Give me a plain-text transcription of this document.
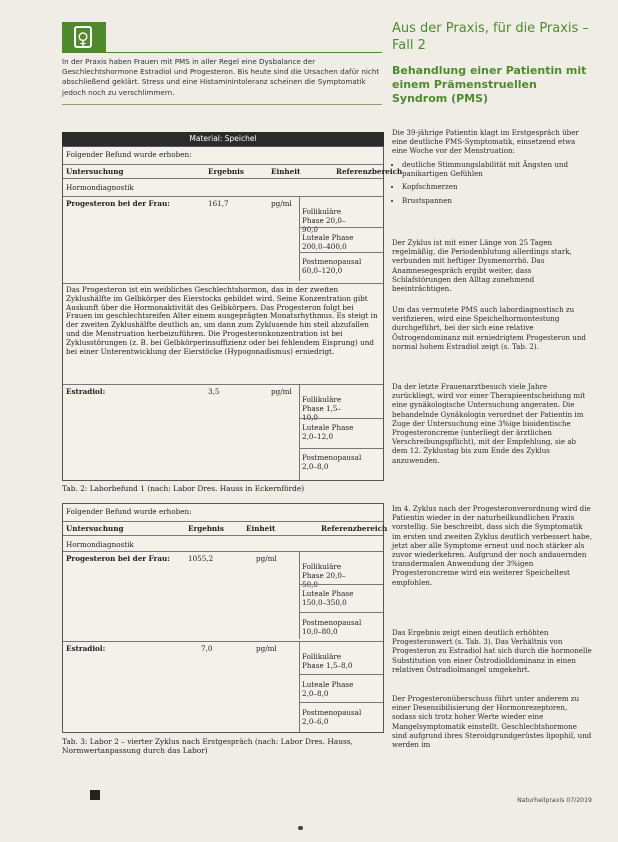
♀
In der Praxis haben Frauen mit PMS in aller Regel eine Dysbalance der Geschlechtshormone Estradiol und Progesteron. Bis heute sind die Ursachen dafür nicht abschließend geklärt. Stress und eine Histaminintoleranz scheinen die Symptomatik jedoch noch zu verschlimmern.
Material: Speichel
Folgender Befund wurde erhoben:
Untersuchung	Ergebnis	Einheit	Referenzbereich
Hormondiagnostik
Progesteron bei der Frau:	161,7	pg/ml
Follikuläre Phase 20,0–90,0
Luteale Phase 200,0–400,0
Postmenopausal 60,0–120,0
Das Progesteron ist ein weibliches Geschlechtshormon, das in der zweiten Zyklushälfte im Gelbkörper des Eierstocks gebildet wird. Seine Konzentration gibt Auskunft über die Hormonaktivität des Gelbkörpers. Das Progesteron folgt bei Frauen im geschlechtsreifen Alter einem ausgeprägten Monatsrhythmus. Es steigt in der zweiten Zyklushälfte deutlich an, um dann zum Zyklusende hin steil abzufallen und die Menstruation herbeizuführen. Die Progesteronkonzentration ist bei Zyklusstörungen (z. B. bei Gelbkörperinsuffizienz oder bei fehlendem Eisprung) und bei einer Unterentwicklung der Eierstöcke (Hypogonadismus) erniedrigt.
Estradiol:	3,5	pg/ml
Follikuläre Phase 1,5–10,0
Luteale Phase 2,0–12,0
Postmenopausal 2,0–8,0
Tab. 2: Laborbefund 1 (nach: Labor Dres. Hauss in Eckernförde)
Folgender Befund wurde erhoben:
Untersuchung	Ergebnis	Einheit	Referenzbereich
Hormondiagnostik
Progesteron bei der Frau:	1055,2	pg/ml
Follikuläre Phase 20,0–50,0
Luteale Phase 150,0–350,0
Postmenopausal 10,0–80,0
Estradiol:	7,0	pg/ml
Follikuläre Phase 1,5–8,0
Luteale Phase 2,0–8,0
Postmenopausal 2,0–6,0
Tab. 3: Labor 2 – vierter Zyklus nach Erstgespräch (nach: Labor Dres. Hauss, Normwertanpassung durch das Labor)
Aus der Praxis, für die Praxis – Fall 2
Behandlung einer Patientin mit einem Prämenstruellen Syndrom (PMS)
Die 39-jährige Patientin klagt im Erstgespräch über eine deutliche PMS-Symptomatik, einsetzend etwa eine Woche vor der Menstruation:
• deutliche Stimmungslabilität mit Ängsten und panikartigen Gefühlen
• Kopfschmerzen
• Brustspannen
Der Zyklus ist mit einer Länge von 25 Tagen regelmäßig, die Periodenblutung allerdings stark, verbunden mit heftiger Dysmenorrhö. Das Anamnesegespräch ergibt weiter, dass Schlafstörungen den Alltag zunehmend beeinträchtigen.
Um das vermutete PMS auch labordiagnostisch zu verifizieren, wird eine Speichelhormontestung durchgeführt, bei der sich eine relative Östrogendominanz mit erniedrigtem Progesteron und normal hohem Estradiol zeigt (s. Tab. 2).
Da der letzte Frauenarztbesuch viele Jahre zurückliegt, wird vor einer Therapieentscheidung mit eine gynäkologische Untersuchung angeraten. Die behandelnde Gynäkologin verordnet der Patientin im Zuge der Untersuchung eine 3%ige bioidentische Progesteroncreme (unterliegt der ärztlichen Verschreibungspflicht), mit der Empfehlung, sie ab dem 12. Zyklustag bis zum Ende des Zyklus anzuwenden.
Im 4. Zyklus nach der Progesteronverordnung wird die Patientin wieder in der naturheilkundlichen Praxis vorstellig. Sie beschreibt, dass sich die Symptomatik im ersten und zweiten Zyklus deutlich verbessert habe, jetzt aber alle Symptome erneut und noch stärker als zuvor wiederkehren. Aufgrund der noch andauernden transdermalen Anwendung der 3%igen Progesteroncreme wird ein weiterer Speicheltest empfohlen.
Das Ergebnis zeigt einen deutlich erhöhten Progesteronwert (s. Tab. 3). Das Verhältnis von Progesteron zu Estradiol hat sich durch die hormonelle Substitution von einer Östrodiolldominanz in einen relativen Östradiolmangel umgekehrt.
Der Progesteronüberschuss führt unter anderem zu einer Desensibilisierung der Hormonrezeptoren, sodass sich trotz hoher Werte wieder eine Mangelsymptomatik einstellt. Geschlechtshormone sind aufgrund ihres Steroidgrundgerüstes lipophil, und werden im
Naturheilpraxis 07/2019
